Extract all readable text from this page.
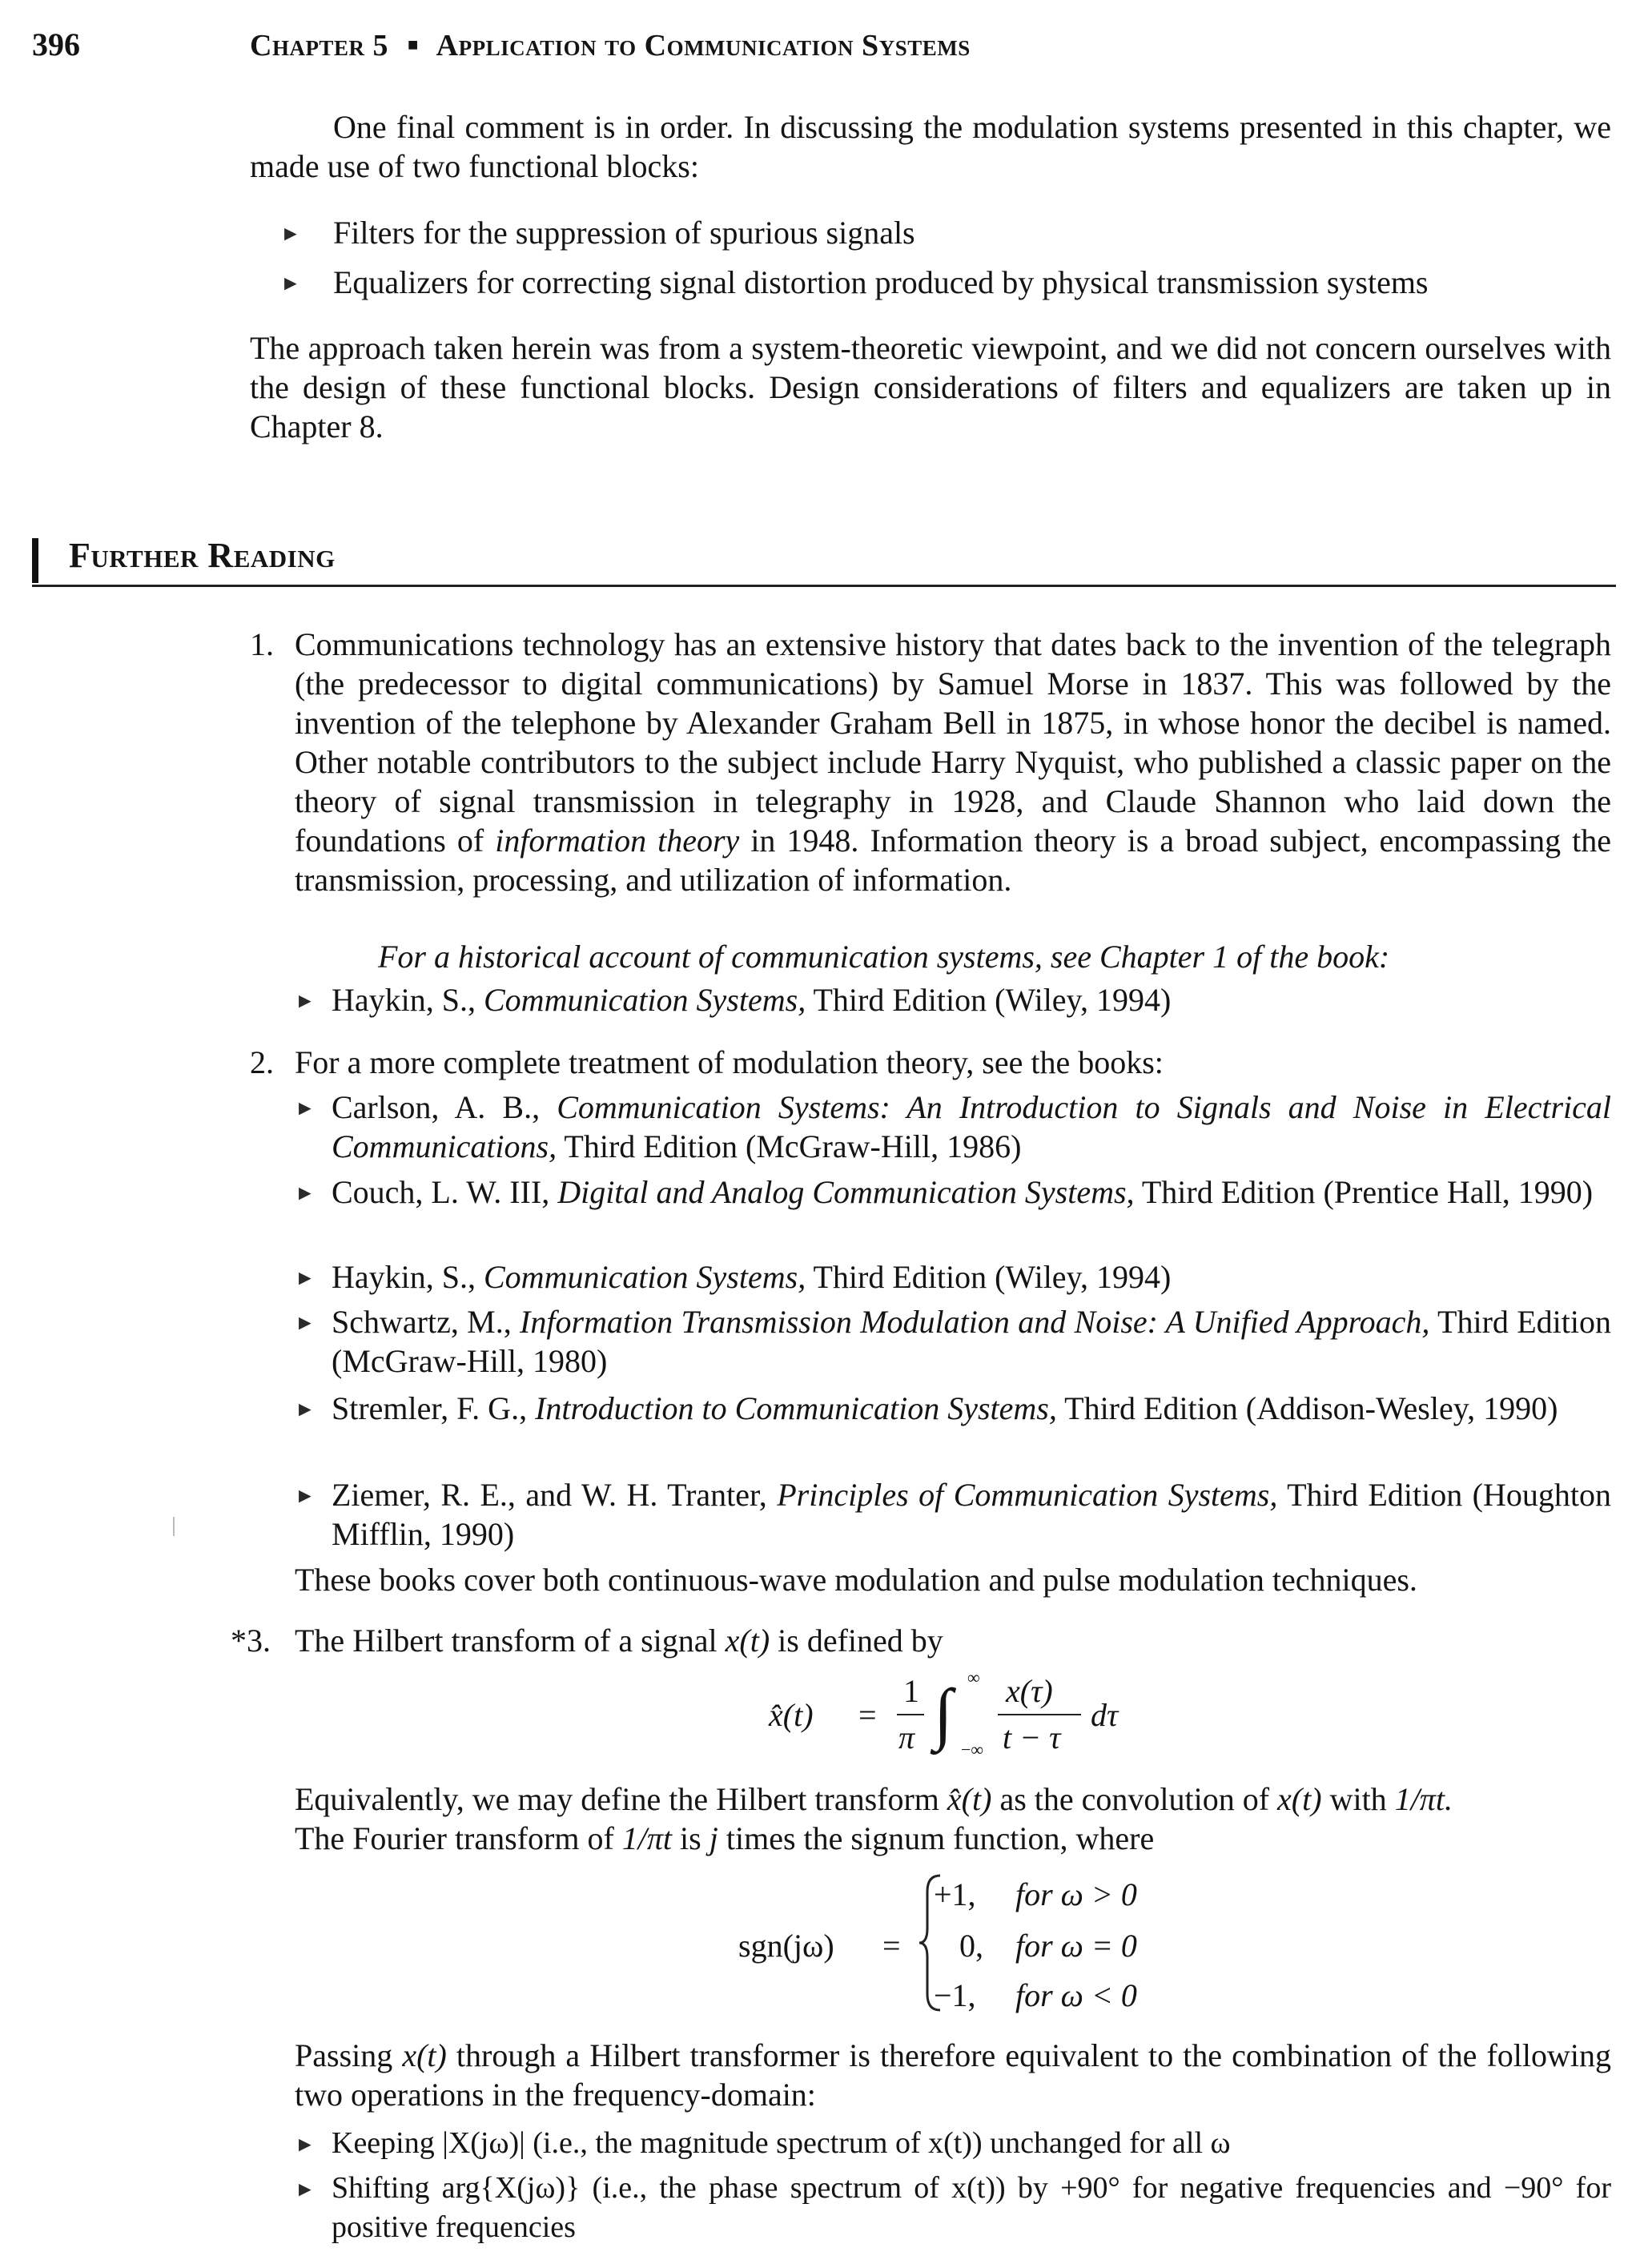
396	Chapter 5 ■ Application to Communication Systems

One final comment is in order. In discussing the modulation systems presented in this chapter, we made use of two functional blocks:

► Filters for the suppression of spurious signals

► Equalizers for correcting signal distortion produced by physical transmission systems

The approach taken herein was from a system-theoretic viewpoint, and we did not concern ourselves with the design of these functional blocks. Design considerations of filters and equalizers are taken up in Chapter 8.

Further Reading
1. Communications technology has an extensive history that dates back to the invention of the telegraph (the predecessor to digital communications) by Samuel Morse in 1837. This was followed by the invention of the telephone by Alexander Graham Bell in 1875, in whose honor the decibel is named. Other notable contributors to the subject include Harry Nyquist, who published a classic paper on the theory of signal transmission in telegraphy in 1928, and Claude Shannon who laid down the foundations of information theory in 1948. Information theory is a broad subject, encompassing the transmission, processing, and utilization of information.

For a historical account of communication systems, see Chapter 1 of the book:

► Haykin, S., Communication Systems, Third Edition (Wiley, 1994)

2. For a more complete treatment of modulation theory, see the books:

► Carlson, A. B., Communication Systems: An Introduction to Signals and Noise in Electrical Communications, Third Edition (McGraw-Hill, 1986)

► Couch, L. W. III, Digital and Analog Communication Systems, Third Edition (Prentice Hall, 1990)

► Haykin, S., Communication Systems, Third Edition (Wiley, 1994)

► Schwartz, M., Information Transmission Modulation and Noise: A Unified Approach, Third Edition (McGraw-Hill, 1980)

► Stremler, F. G., Introduction to Communication Systems, Third Edition (Addison-Wesley, 1990)

► Ziemer, R. E., and W. H. Tranter, Principles of Communication Systems, Third Edition (Houghton Mifflin, 1990)

These books cover both continuous-wave modulation and pulse modulation techniques.

*3. The Hilbert transform of a signal x(t) is defined by

x̂(t) =
1
π ∫ ∞
−∞
x(τ)
t − τ
dτ

Equivalently, we may define the Hilbert transform x̂(t) as the convolution of x(t) with 1/πt.

The Fourier transform of 1/πt is j times the signum function, where

sgn(jω) =
+1, for ω > 0
0, for ω = 0
−1, for ω < 0

Passing x(t) through a Hilbert transformer is therefore equivalent to the combination of the following two operations in the frequency-domain:

► Keeping |X(jω)| (i.e., the magnitude spectrum of x(t)) unchanged for all ω

► Shifting arg{X(jω)} (i.e., the phase spectrum of x(t)) by +90° for negative frequencies and −90° for positive frequencies
